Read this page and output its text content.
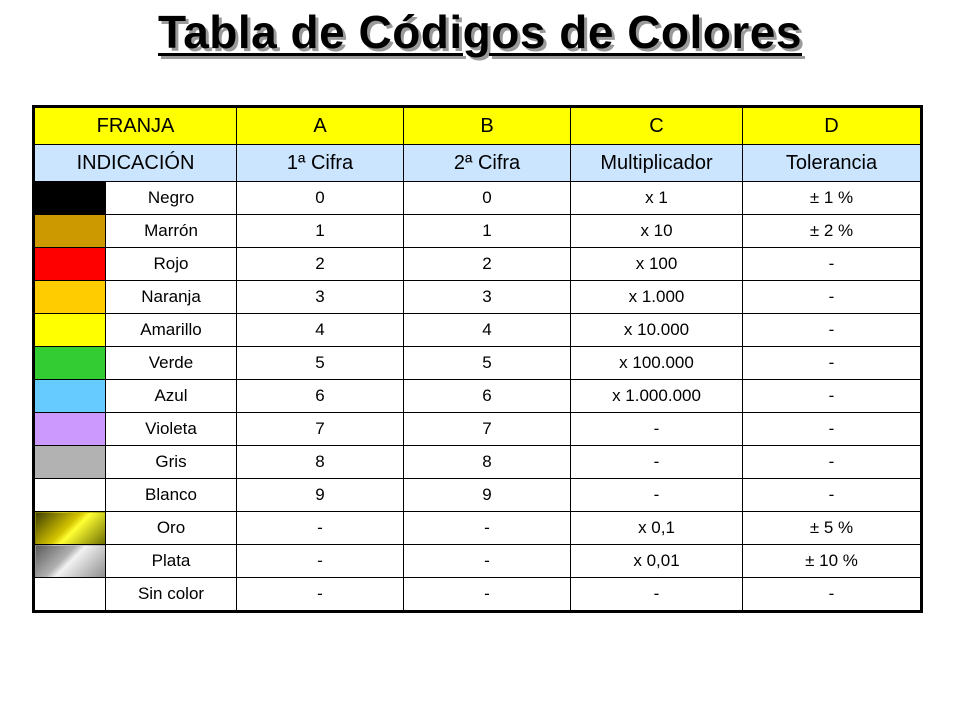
Tabla de Códigos de Colores
FRANJA		A	B	C	D
INDICACIÓN		1ª Cifra	2ª Cifra	Multiplicador	Tolerancia
	Negro	0	0	x 1	± 1 %
	Marrón	1	1	x 10	± 2 %
	Rojo	2	2	x 100	-
	Naranja	3	3	x 1.000	-
	Amarillo	4	4	x 10.000	-
	Verde	5	5	x 100.000	-
	Azul	6	6	x 1.000.000	-
	Violeta	7	7	-	-
	Gris	8	8	-	-
	Blanco	9	9	-	-
	Oro	-	-	x 0,1	± 5 %
	Plata	-	-	x 0,01	± 10 %
	Sin color	-	-	-	-
